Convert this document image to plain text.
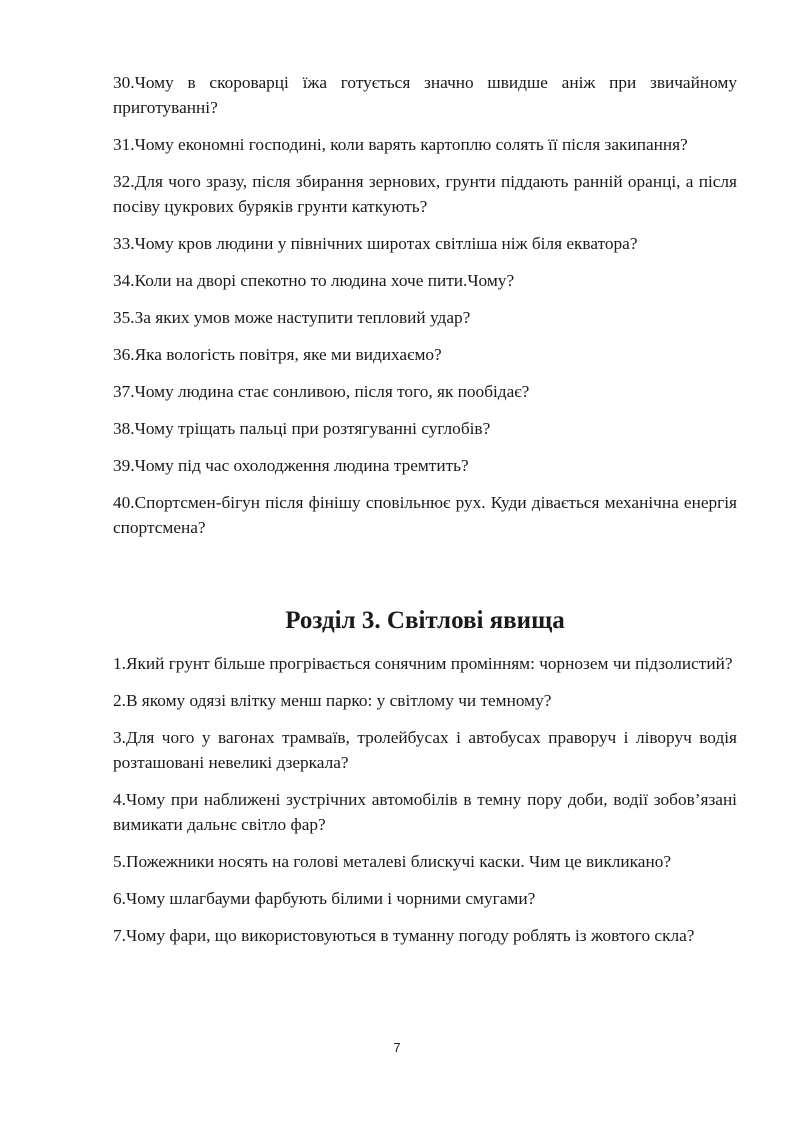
30.Чому в скороварці їжа готується значно швидше аніж при звичайному приготуванні?

31.Чому економні господині, коли варять картоплю солять її після закипання?

32.Для чого зразу, після збирання зернових, грунти піддають ранній оранці, а після посіву цукрових буряків грунти каткують?

33.Чому кров людини у північних широтах світліша ніж біля екватора?

34.Коли на дворі спекотно то людина хоче пити.Чому?

35.За яких умов може наступити тепловий удар?

36.Яка вологість повітря, яке ми видихаємо?

37.Чому людина стає сонливою, після того, як пообідає?

38.Чому тріщать пальці при розтягуванні суглобів?

39.Чому під час охолодження людина тремтить?

40.Спортсмен-бігун після фінішу сповільнює рух. Куди дівається механічна енергія спортсмена?

Розділ 3. Світлові явища

1.Який грунт більше прогрівається сонячним промінням: чорнозем чи підзолистий?

2.В якому одязі влітку менш парко: у світлому чи темному?

3.Для чого у вагонах трамваїв, тролейбусах і автобусах праворуч і ліворуч водія розташовані невеликі дзеркала?

4.Чому при наближені зустрічних автомобілів в темну пору доби, водії зобов’язані вимикати дальнє світло фар?

5.Пожежники носять на голові металеві блискучі каски. Чим це викликано?

6.Чому шлагбауми фарбують білими і чорними смугами?

7.Чому фари, що використовуються в туманну погоду роблять із жовтого скла?

7
